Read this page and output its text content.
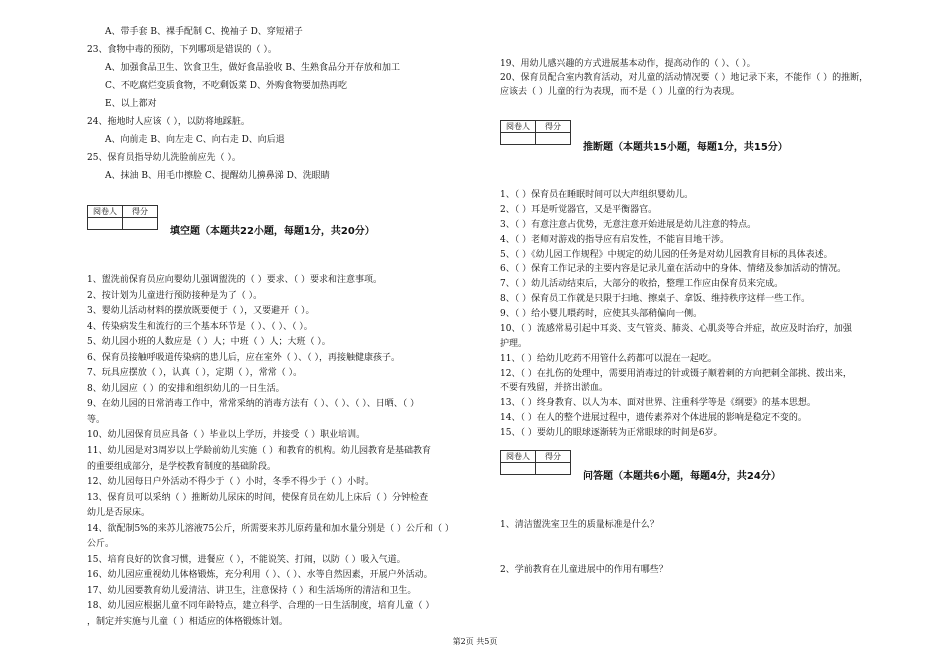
A、带手套 B、裸手配制 C、挽袖子 D、穿短裙子
23、食物中毒的预防，下列哪项是错误的（ ）。
A、加强食品卫生、饮食卫生，做好食品验收 B、生熟食品分开存放和加工
C、不吃腐烂变质食物，不吃剩饭菜 D、外购食物要加热再吃
E、以上都对
24、拖地时人应该（ ），以防将地踩脏。
A、向前走 B、向左走 C、向右走 D、向后退
25、保育员指导幼儿洗脸前应先（ ）。
A、抹油 B、用毛巾擦脸 C、提醒幼儿擤鼻涕 D、洗眼睛
阅卷人	得分

填空题（本题共22小题，每题1分，共20分）
1、盥洗前保育员应向婴幼儿强调盥洗的（ ）要求、（ ）要求和注意事项。
2、按计划为儿童进行预防接种是为了（ ）。
3、婴幼儿活动材料的摆放既要便于（ ），又要避开（ ）。
4、传染病发生和流行的三个基本环节是（ ）、（ ）、（ ）。
5、幼儿园小班的人数应是（ ）人；中班（ ）人；大班（ ）。
6、保育员接触呼吸道传染病的患儿后，应在室外（ ）、（ ），再接触健康孩子。
7、玩具应摆放（ ），认真（ ），定期（ ），常常（ ）。
8、幼儿园应（ ）的安排和组织幼儿的一日生活。
9、在幼儿园的日常消毒工作中，常常采纳的消毒方法有（ ）、（ ）、（ ）、日晒、（ ）
等。
10、幼儿园保育员应具备（ ）毕业以上学历，并接受（ ）职业培训。
11、幼儿园是对3周岁以上学龄前幼儿实施（ ）和教育的机构。幼儿园教育是基础教育
的重要组成部分，是学校教育制度的基础阶段。
12、幼儿园每日户外活动不得少于（ ）小时，冬季不得少于（ ）小时。
13、保育员可以采纳（ ）推断幼儿尿床的时间，使保育员在幼儿上床后（ ）分钟检查
幼儿是否尿床。
14、欲配制5%的来苏儿溶液75公斤，所需要来苏儿原药量和加水量分别是（ ）公斤和（ ）
公斤。
15、培育良好的饮食习惯，进餐应（ ），不能说笑、打闹，以防（ ）吸入气道。
16、幼儿园应重视幼儿体格锻炼，充分利用（ ）、（ ）、水等自然因素，开展户外活动。
17、幼儿园要教育幼儿爱清洁、讲卫生，注意保持（ ）和生活场所的清洁和卫生。
18、幼儿园应根据儿童不同年龄特点，建立科学、合理的一日生活制度，培育儿童（ ）
，制定并实施与儿童（ ）相适应的体格锻炼计划。
19、用幼儿感兴趣的方式进展基本动作，提高动作的（ ）、（ ）。
20、保育员配合室内教育活动，对儿童的活动情况要（ ）地记录下来，不能作（ ）的推断，
应该去（ ）儿童的行为表现，而不是（ ）儿童的行为表现。
阅卷人	得分

推断题（本题共15小题，每题1分，共15分）
1、（ ）保育员在睡眠时间可以大声组织婴幼儿。
2、（ ）耳是听觉器官，又是平衡器官。
3、（ ）有意注意占优势，无意注意开始进展是幼儿注意的特点。
4、（ ）老师对游戏的指导应有启发性，不能盲目地干涉。
5、（ ）《幼儿园工作规程》中规定的幼儿园的任务是对幼儿园教育目标的具体表述。
6、（ ）保育工作记录的主要内容是记录儿童在活动中的身体、情绪及参加活动的情况。
7、（ ）幼儿活动结束后，大部分的收拾，整理工作应由保育员来完成。
8、（ ）保育员工作就是只限于扫地、擦桌子、拿饭、维持秩序这样一些工作。
9、（ ）给小婴儿喂药时，应使其头部稍偏向一侧。
10、（ ）流感常易引起中耳炎、支气管炎、肺炎、心肌炎等合并症，故应及时治疗，加强
护理。
11、（ ）给幼儿吃药不用管什么药都可以混在一起吃。
12、（ ）在扎伤的处理中，需要用消毒过的针或镊子顺着刺的方向把刺全部挑、拨出来，
不要有残留，并挤出淤血。
13、（ ）终身教育、以人为本、面对世界、注重科学等是《纲要》的基本思想。
14、（ ）在人的整个进展过程中，遗传素养对个体进展的影响是稳定不变的。
15、（ ）要幼儿的眼球逐渐转为正常眼球的时间是6岁。
阅卷人	得分

问答题（本题共6小题，每题4分，共24分）
1、清洁盥洗室卫生的质量标准是什么？
2、学前教育在儿童进展中的作用有哪些？
第2页 共5页
